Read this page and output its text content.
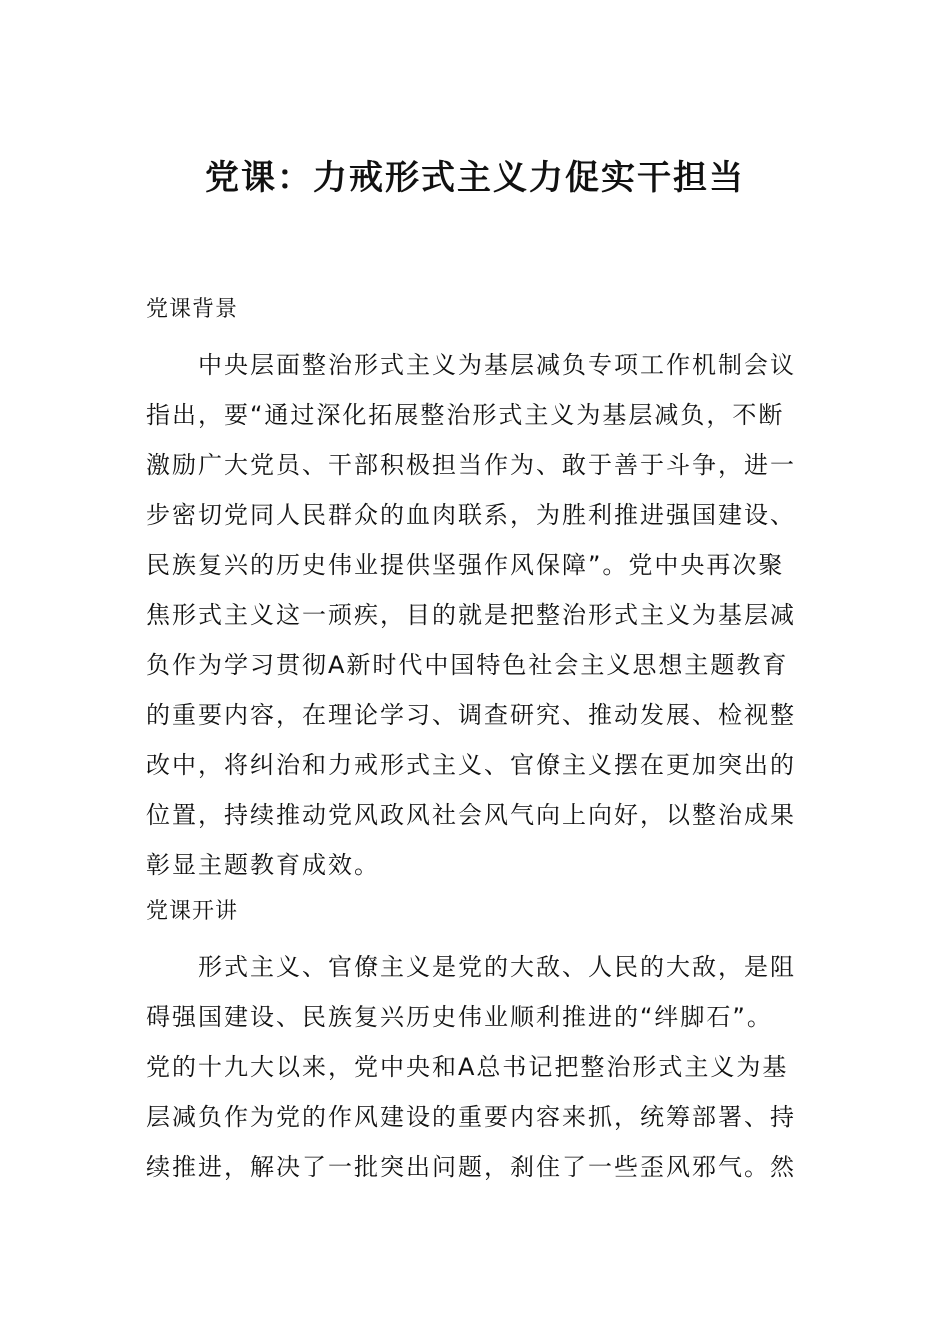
党课：力戒形式主义力促实干担当
党课背景
中央层面整治形式主义为基层减负专项工作机制会议
指出，要“通过深化拓展整治形式主义为基层减负，不断
激励广大党员、干部积极担当作为、敢于善于斗争，进一
步密切党同人民群众的血肉联系，为胜利推进强国建设、
民族复兴的历史伟业提供坚强作风保障”。党中央再次聚
焦形式主义这一顽疾，目的就是把整治形式主义为基层减
负作为学习贯彻A新时代中国特色社会主义思想主题教育
的重要内容，在理论学习、调查研究、推动发展、检视整
改中，将纠治和力戒形式主义、官僚主义摆在更加突出的
位置，持续推动党风政风社会风气向上向好，以整治成果
彰显主题教育成效。
党课开讲
形式主义、官僚主义是党的大敌、人民的大敌，是阻
碍强国建设、民族复兴历史伟业顺利推进的“绊脚石”。
党的十九大以来，党中央和A总书记把整治形式主义为基
层减负作为党的作风建设的重要内容来抓，统筹部署、持
续推进，解决了一批突出问题，刹住了一些歪风邪气。然
